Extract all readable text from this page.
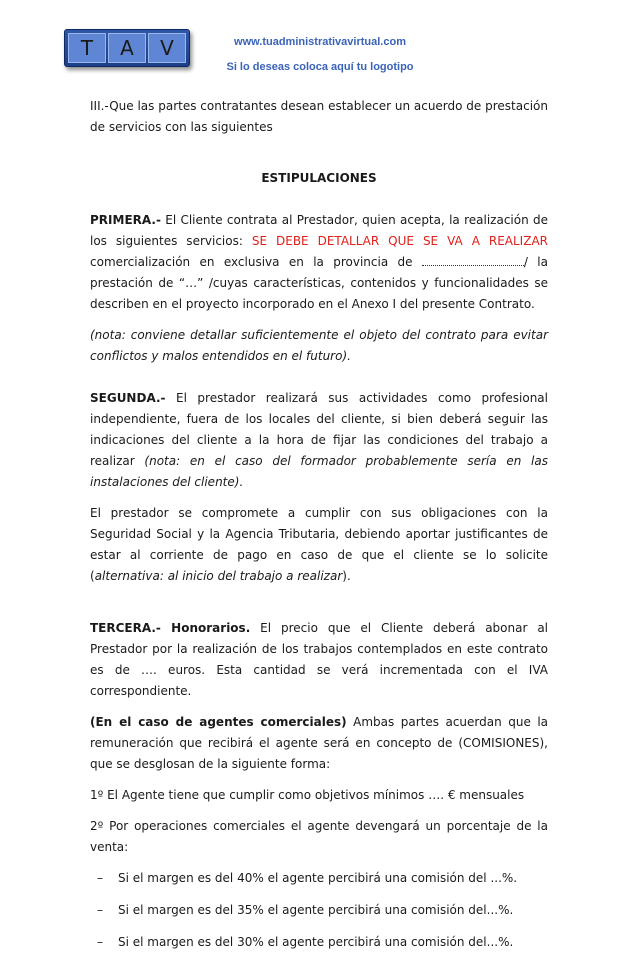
T	A	V	www.tuadministrativavirtual.com
Si lo deseas coloca aquí tu logotipo

III.-Que las partes contratantes desean establecer un acuerdo de prestación de servicios con las siguientes

ESTIPULACIONES

PRIMERA.- El Cliente contrata al Prestador, quien acepta, la realización de los siguientes servicios: SE DEBE DETALLAR QUE SE VA A REALIZAR comercialización en exclusiva en la provincia de	/ la prestación de “…” /cuyas características, contenidos y funcionalidades se describen en el proyecto incorporado en el Anexo I del presente Contrato.

(nota: conviene detallar suficientemente el objeto del contrato para evitar conflictos y malos entendidos en el futuro).

SEGUNDA.- El prestador realizará sus actividades como profesional independiente, fuera de los locales del cliente, si bien deberá seguir las indicaciones del cliente a la hora de fijar las condiciones del trabajo a realizar (nota: en el caso del formador probablemente sería en las instalaciones del cliente).

El prestador se compromete a cumplir con sus obligaciones con la Seguridad Social y la Agencia Tributaria, debiendo aportar justificantes de estar al corriente de pago en caso de que el cliente se lo solicite (alternativa: al inicio del trabajo a realizar).

TERCERA.- Honorarios. El precio que el Cliente deberá abonar al Prestador por la realización de los trabajos contemplados en este contrato es de …. euros. Esta cantidad se verá incrementada con el IVA correspondiente.

(En el caso de agentes comerciales) Ambas partes acuerdan que la remuneración que recibirá el agente será en concepto de (COMISIONES), que se desglosan de la siguiente forma:

1º El Agente tiene que cumplir como objetivos mínimos …. € mensuales

2º Por operaciones comerciales el agente devengará un porcentaje de la venta:

– Si el margen es del 40% el agente percibirá una comisión del ...%.
– Si el margen es del 35% el agente percibirá una comisión del...%.
– Si el margen es del 30% el agente percibirá una comisión del...%.
